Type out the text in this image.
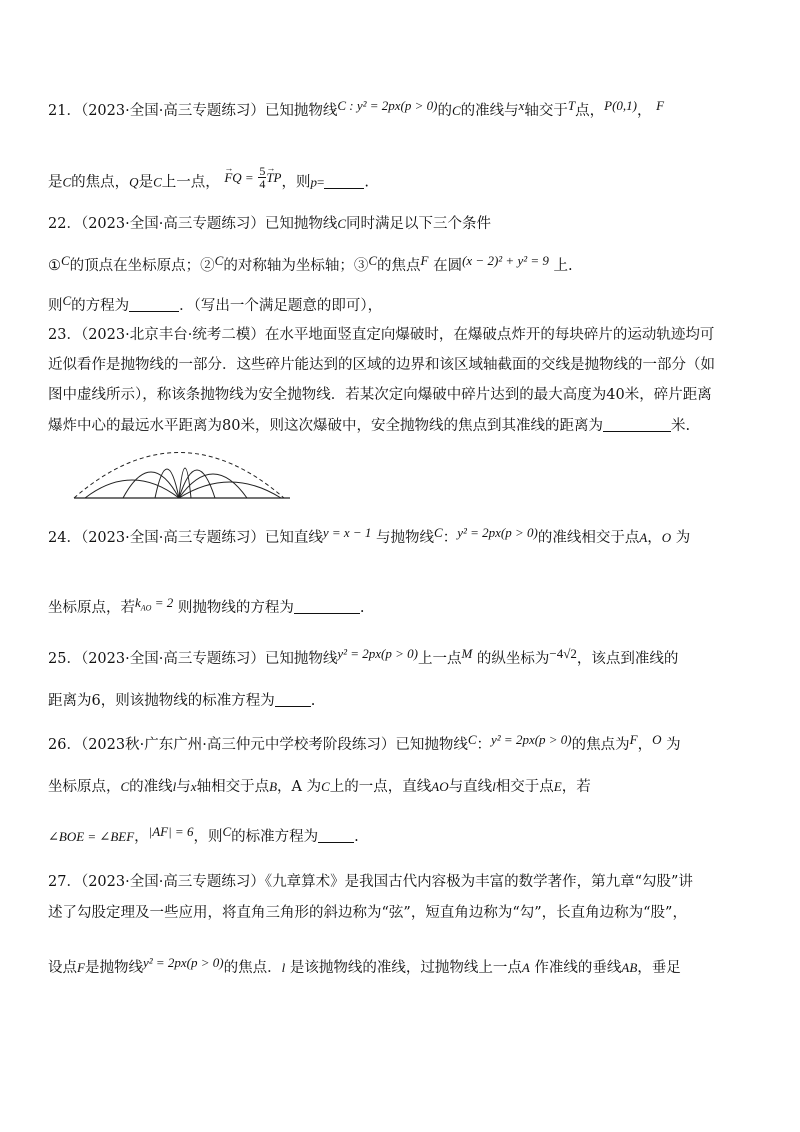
21．（2023·全国·高三专题练习）已知抛物线C : y² = 2px(p > 0)的C的准线与x轴交于T点，P(0,1)， F
是C的焦点，Q是C上一点， → FQ = $\frac{5}{4}$ → TP，则p=	.
22．（2023·全国·高三专题练习）已知抛物线C同时满足以下三个条件
①C的顶点在坐标原点；②C的对称轴为坐标轴；③C的焦点F 在圆(x − 2)² + y² = 9 上.
则C的方程为	．（写出一个满足题意的即可），
23．（2023·北京丰台·统考二模）在水平地面竖直定向爆破时，在爆破点炸开的每块碎片的运动轨迹均可
近似看作是抛物线的一部分．这些碎片能达到的区域的边界和该区域轴截面的交线是抛物线的一部分（如
图中虚线所示），称该条抛物线为安全抛物线．若某次定向爆破中碎片达到的最大高度为40米，碎片距离
爆炸中心的最远水平距离为80米，则这次爆破中，安全抛物线的焦点到其准线的距离为	米.
24．（2023·全国·高三专题练习）已知直线y = x − 1 与抛物线C：y² = 2px(p > 0)的准线相交于点A，O 为
坐标原点，若$k_{AO} = 2$ 则抛物线的方程为	.
25．（2023·全国·高三专题练习）已知抛物线y² = 2px(p > 0)上一点M 的纵坐标为−4√2，该点到准线的
距离为6，则该抛物线的标准方程为 .
26．（2023秋·广东广州·高三仲元中学校考阶段练习）已知抛物线C：y² = 2px(p > 0)的焦点为F，O 为
坐标原点，C的准线l与x轴相交于点B，A 为C上的一点，直线AO与直线l相交于点E，若
∠BOE = ∠BEF，|AF| = 6，则C的标准方程为 .
27．（2023·全国·高三专题练习）《九章算术》是我国古代内容极为丰富的数学著作，第九章“勾股”讲
述了勾股定理及一些应用，将直角三角形的斜边称为“弦”，短直角边称为“勾”，长直角边称为“股”，
设点F是抛物线y² = 2px(p > 0)的焦点．l 是该抛物线的准线，过抛物线上一点A 作准线的垂线AB，垂足
